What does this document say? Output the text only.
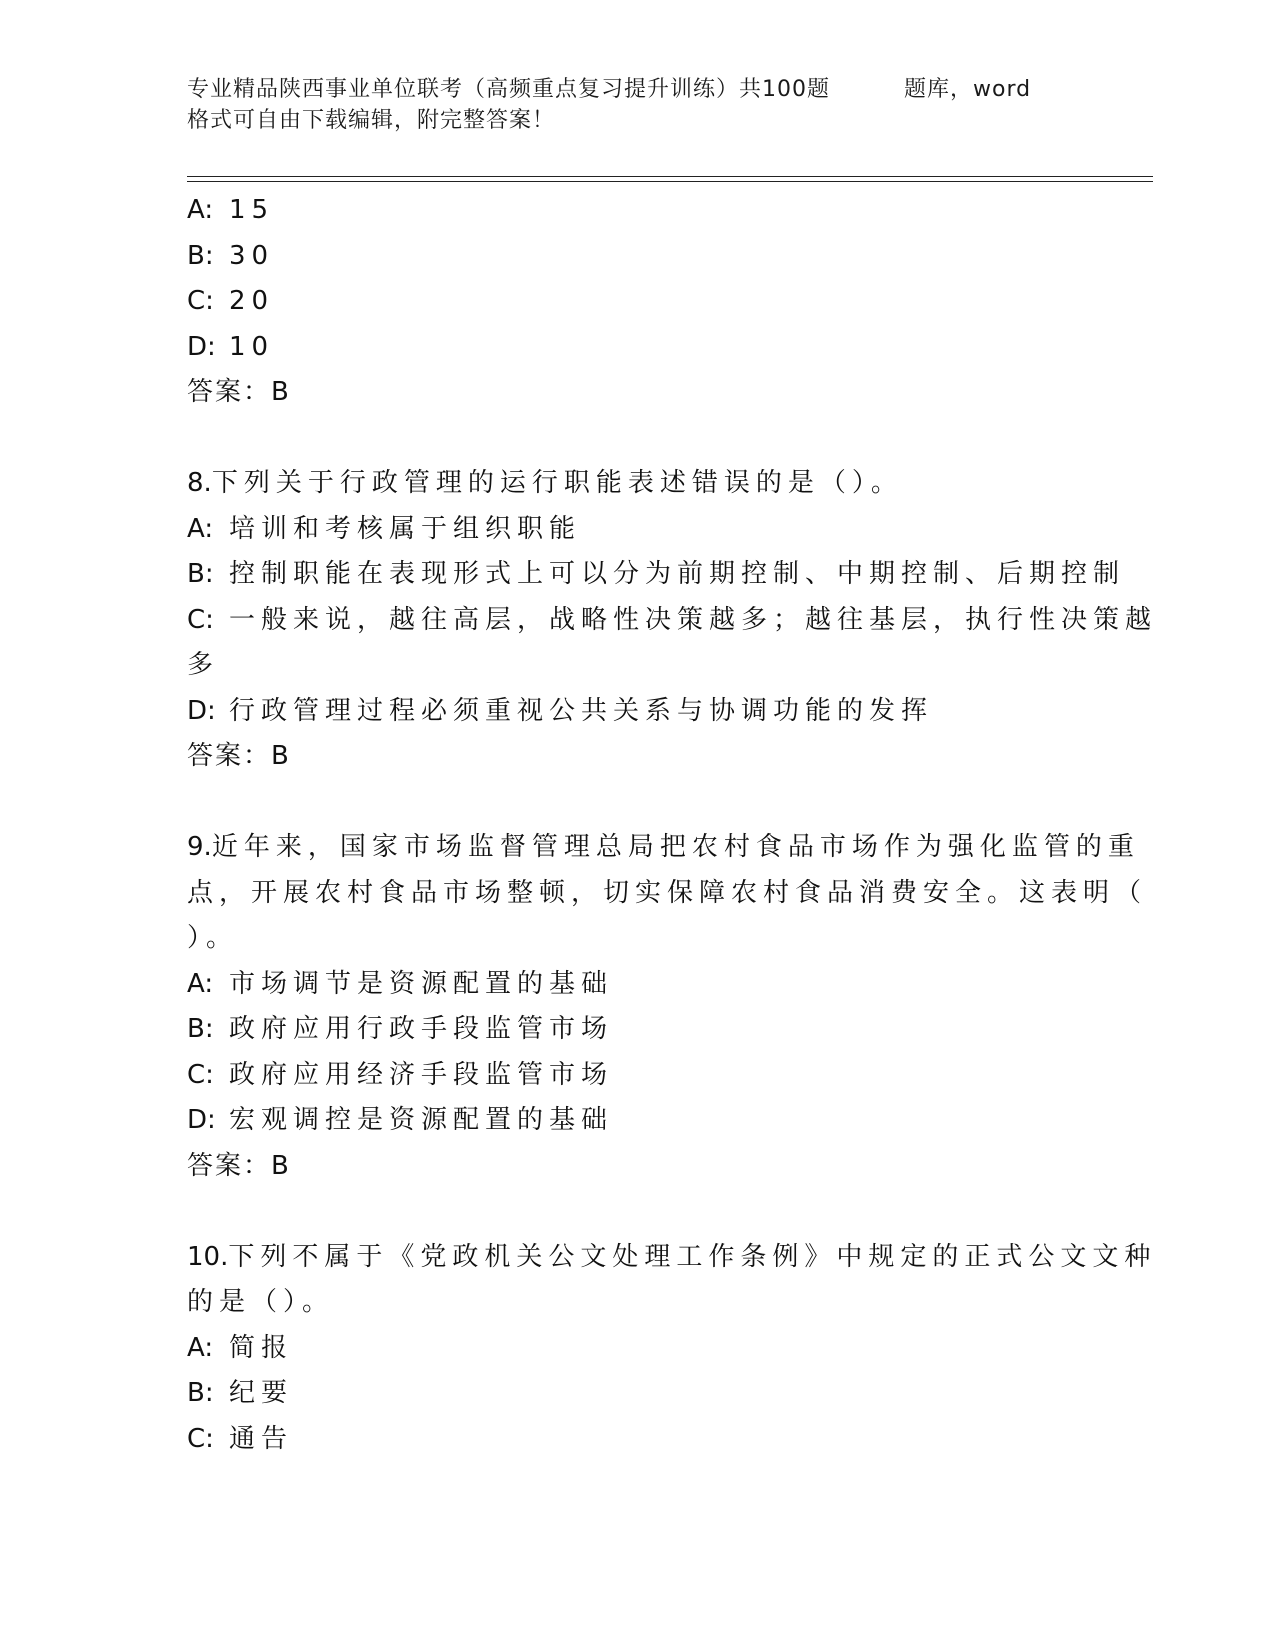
专业精品陕西事业单位联考（高频重点复习提升训练）共100题	题库，word
格式可自由下载编辑，附完整答案！
A: 15
B: 30
C: 20
D: 10
答案：B
8.下列关于行政管理的运行职能表述错误的是（）。
A: 培训和考核属于组织职能
B: 控制职能在表现形式上可以分为前期控制、中期控制、后期控制
C: 一般来说，越往高层，战略性决策越多；越往基层，执行性决策越
多
D: 行政管理过程必须重视公共关系与协调功能的发挥
答案：B
9.近年来，国家市场监督管理总局把农村食品市场作为强化监管的重
点，开展农村食品市场整顿，切实保障农村食品消费安全。这表明（
）。
A: 市场调节是资源配置的基础
B: 政府应用行政手段监管市场
C: 政府应用经济手段监管市场
D: 宏观调控是资源配置的基础
答案：B
10.下列不属于《党政机关公文处理工作条例》中规定的正式公文文种
的是（）。
A: 简报
B: 纪要
C: 通告
